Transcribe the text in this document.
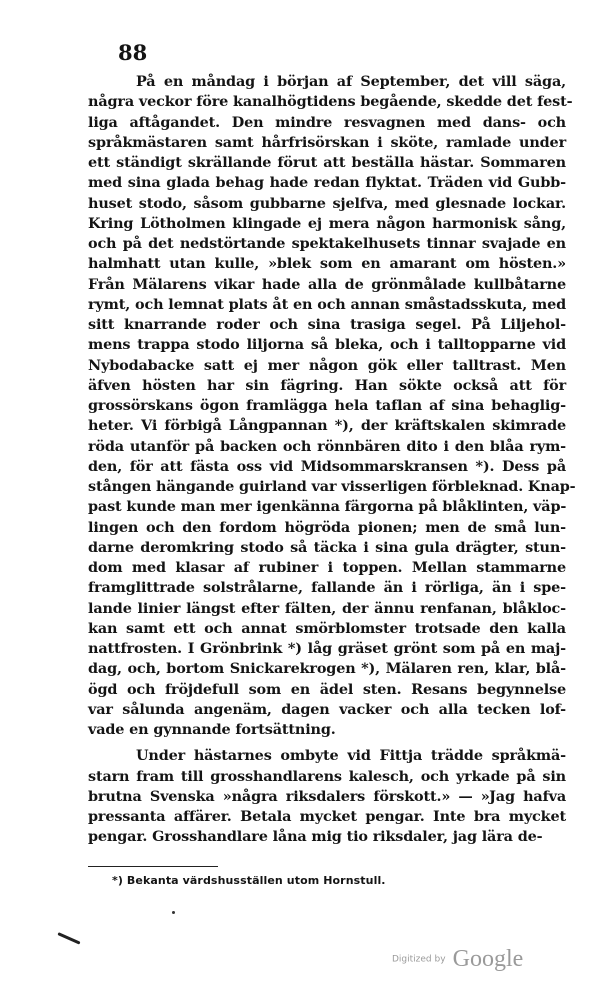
88
På en måndag i början af September, det vill säga,
några veckor före kanalhögtidens begående, skedde det fest-
liga aftågandet. Den mindre resvagnen med dans- och
språkmästaren samt hårfrisörskan i sköte, ramlade under
ett ständigt skrällande förut att beställa hästar. Sommaren
med sina glada behag hade redan flyktat. Träden vid Gubb-
huset stodo, såsom gubbarne sjelfva, med glesnade lockar.
Kring Lötholmen klingade ej mera någon harmonisk sång,
och på det nedstörtande spektakelhusets tinnar svajade en
halmhatt utan kulle, »blek som en amarant om hösten.»
Från Mälarens vikar hade alla de grönmålade kullbåtarne
rymt, och lemnat plats åt en och annan småstadsskuta, med
sitt knarrande roder och sina trasiga segel. På Liljehol-
mens trappa stodo liljorna så bleka, och i talltopparne vid
Nybodabacke satt ej mer någon gök eller talltrast. Men
äfven hösten har sin fägring. Han sökte också att för
grossörskans ögon framlägga hela taflan af sina behaglig-
heter. Vi förbigå Långpannan *), der kräftskalen skimrade
röda utanför på backen och rönnbären dito i den blåa rym-
den, för att fästa oss vid Midsommarskransen *). Dess på
stången hängande guirland var visserligen förbleknad. Knap-
past kunde man mer igenkänna färgorna på blåklinten, väp-
lingen och den fordom högröda pionen; men de små lun-
darne deromkring stodo så täcka i sina gula drägter, stun-
dom med klasar af rubiner i toppen. Mellan stammarne
framglittrade solstrålarne, fallande än i rörliga, än i spe-
lande linier längst efter fälten, der ännu renfanan, blåkloc-
kan samt ett och annat smörblomster trotsade den kalla
nattfrosten. I Grönbrink *) låg gräset grönt som på en maj-
dag, och, bortom Snickarekrogen *), Mälaren ren, klar, blå-
ögd och fröjdefull som en ädel sten. Resans begynnelse
var sålunda angenäm, dagen vacker och alla tecken lof-
vade en gynnande fortsättning.
Under hästarnes ombyte vid Fittja trädde språkmä-
starn fram till grosshandlarens kalesch, och yrkade på sin
brutna Svenska »några riksdalers förskott.» — »Jag hafva
pressanta affärer. Betala mycket pengar. Inte bra mycket
pengar. Grosshandlare låna mig tio riksdaler, jag lära de-
*) Bekanta värdshusställen utom Hornstull.
Digitized by Google
